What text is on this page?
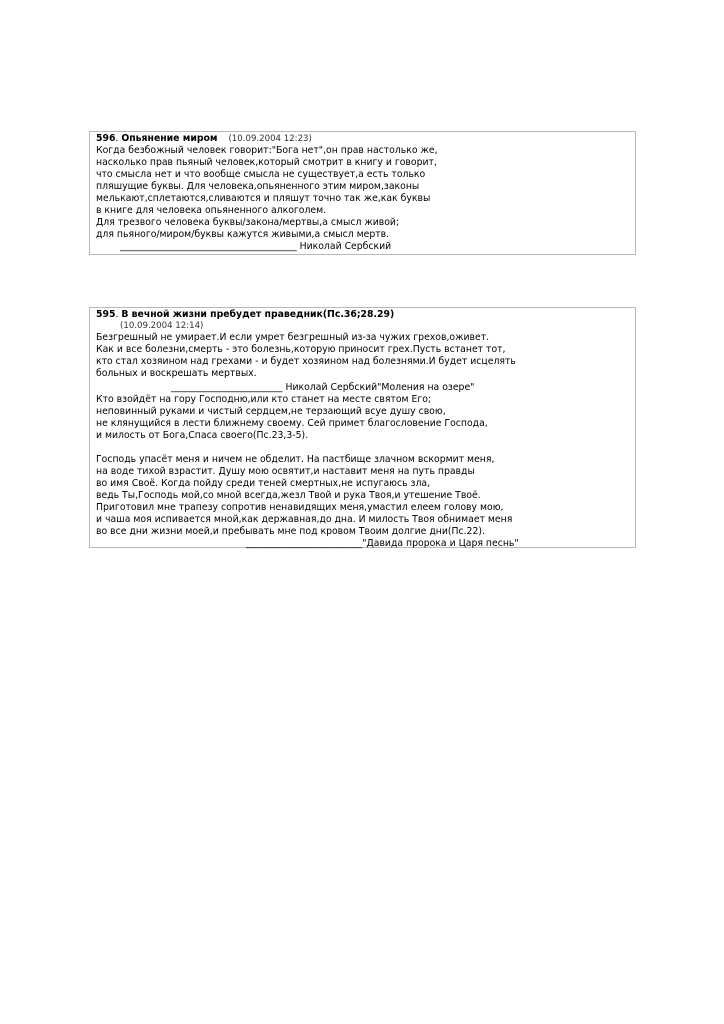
596. Опьянение миром (10.09.2004 12:23)
Когда безбожный человек говорит:"Бога нет",он прав настолько же,
насколько прав пьяный человек,который смотрит в книгу и говорит,
что смысла нет и что вообще смысла не существует,а есть только
пляшущие буквы. Для человека,опьяненного этим миром,законы
мелькают,сплетаются,сливаются и пляшут точно так же,как буквы
в книге для человека опьяненного алкоголем.
Для трезвого человека буквы/закона/мертвы,а смысл живой;
для пьяного/миром/буквы кажутся живыми,а смысл мертв.
______________________________________ Николай Сербский
595. В вечной жизни пребудет праведник(Пс.36;28.29)
(10.09.2004 12:14)
Безгрешный не умирает.И если умрет безгрешный из-за чужих грехов,оживет.
Как и все болезни,смерть - это болезнь,которую приносит грех.Пусть встанет тот,
кто стал хозяином над грехами - и будет хозяином над болезнями.И будет исцелять
больных и воскрешать мертвых.
________________________ Николай Сербский"Моления на озере"
Кто взойдёт на гору Господню,или кто станет на месте святом Его;
неповинный руками и чистый сердцем,не терзающий всуе душу свою,
не клянущийся в лести ближнему своему. Сей примет благословение Господа,
и милость от Бога,Спаса своего(Пс.23,3-5).
Господь упасёт меня и ничем не обделит. На пастбище злачном вскормит меня,
на воде тихой взрастит. Душу мою освятит,и наставит меня на путь правды
во имя Своё. Когда пойду среди теней смертных,не испугаюсь зла,
ведь Ты,Господь мой,со мной всегда,жезл Твой и рука Твоя,и утешение Твоё.
Приготовил мне трапезу сопротив ненавидящих меня,умастил елеем голову мою,
и чаша моя испивается мной,как державная,до дна. И милость Твоя обнимает меня
во все дни жизни моей,и пребывать мне под кровом Твоим долгие дни(Пс.22).
_________________________"Давида пророка и Царя песнь"
